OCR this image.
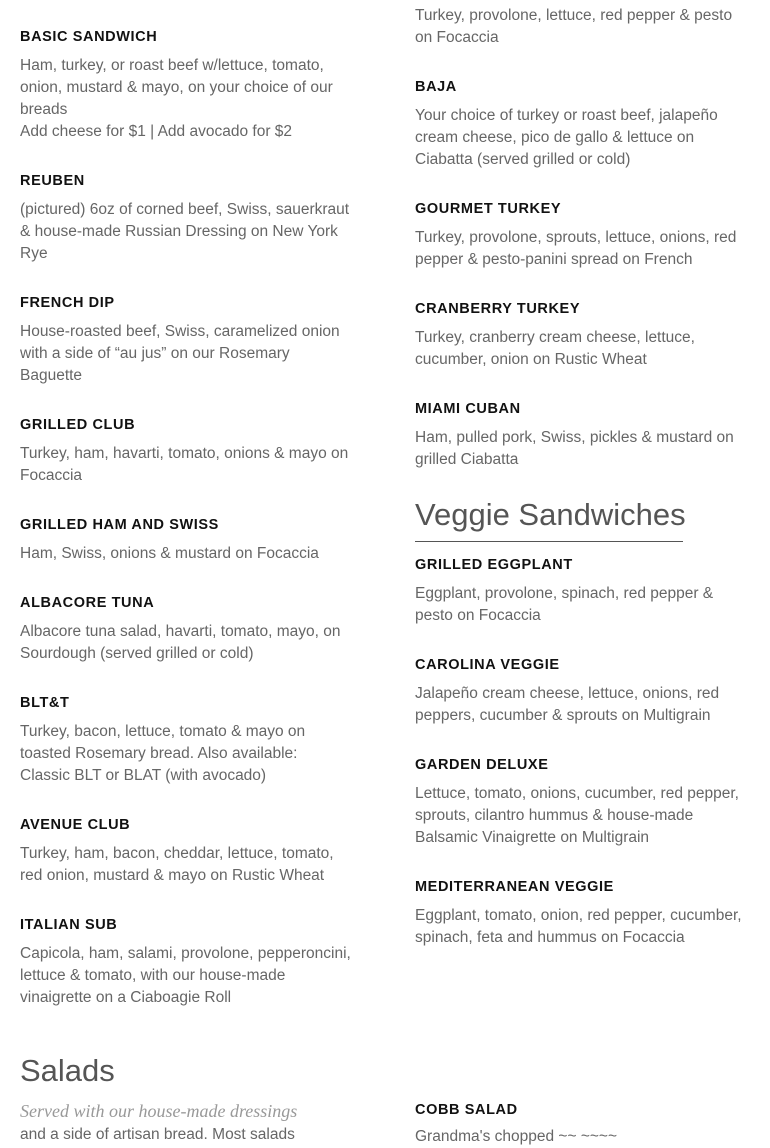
BASIC SANDWICH
Ham, turkey, or roast beef w/lettuce, tomato,
onion, mustard & mayo, on your choice of our
breads
Add cheese for $1 | Add avocado for $2
REUBEN
(pictured) 6oz of corned beef, Swiss, sauerkraut
& house-made Russian Dressing on New York
Rye
FRENCH DIP
House-roasted beef, Swiss, caramelized onion
with a side of “au jus” on our Rosemary
Baguette
GRILLED CLUB
Turkey, ham, havarti, tomato, onions & mayo on
Focaccia
GRILLED HAM AND SWISS
Ham, Swiss, onions & mustard on Focaccia
ALBACORE TUNA
Albacore tuna salad, havarti, tomato, mayo, on
Sourdough (served grilled or cold)
BLT&T
Turkey, bacon, lettuce, tomato & mayo on
toasted Rosemary bread. Also available:
Classic BLT or BLAT (with avocado)
AVENUE CLUB
Turkey, ham, bacon, cheddar, lettuce, tomato,
red onion, mustard & mayo on Rustic Wheat
ITALIAN SUB
Capicola, ham, salami, provolone, pepperoncini,
lettuce & tomato, with our house-made
vinaigrette on a Ciaboagie Roll
Turkey, provolone, lettuce, red pepper & pesto
on Focaccia
BAJA
Your choice of turkey or roast beef, jalapeño
cream cheese, pico de gallo & lettuce on
Ciabatta (served grilled or cold)
GOURMET TURKEY
Turkey, provolone, sprouts, lettuce, onions, red
pepper & pesto-panini spread on French
CRANBERRY TURKEY
Turkey, cranberry cream cheese, lettuce,
cucumber, onion on Rustic Wheat
MIAMI CUBAN
Ham, pulled pork, Swiss, pickles & mustard on
grilled Ciabatta
Veggie Sandwiches
GRILLED EGGPLANT
Eggplant, provolone, spinach, red pepper &
pesto on Focaccia
CAROLINA VEGGIE
Jalapeño cream cheese, lettuce, onions, red
peppers, cucumber & sprouts on Multigrain
GARDEN DELUXE
Lettuce, tomato, onions, cucumber, red pepper,
sprouts, cilantro hummus & house-made
Balsamic Vinaigrette on Multigrain
MEDITERRANEAN VEGGIE
Eggplant, tomato, onion, red pepper, cucumber,
spinach, feta and hummus on Focaccia
Salads
Served with our house-made dressings
and a side of artisan bread. Most salads
COBB SALAD
Grandma's chopped ~~ ~~~~
